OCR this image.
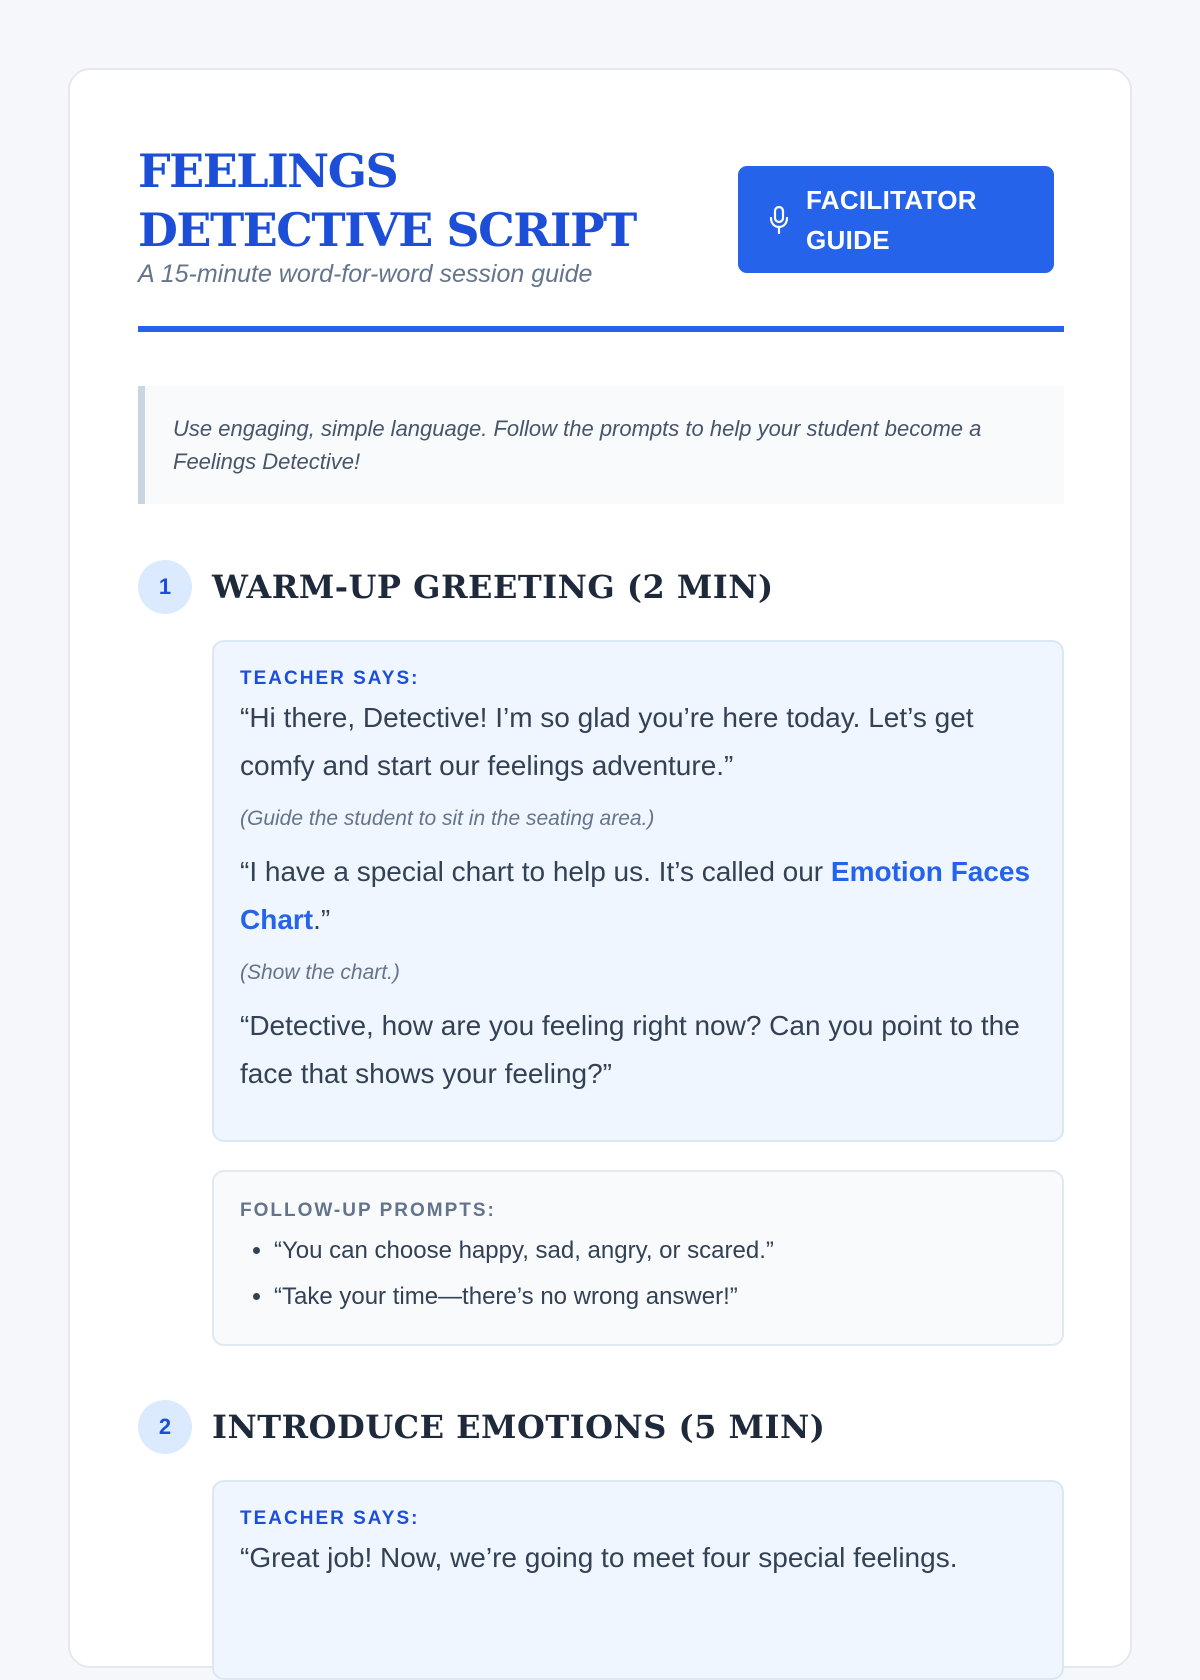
FEELINGS DETECTIVE SCRIPT

A 15-minute word-for-word session guide

FACILITATOR GUIDE
Use engaging, simple language. Follow the prompts to help your student become a Feelings Detective!
1	WARM-UP GREETING (2 MIN)
TEACHER SAYS:

“Hi there, Detective! I’m so glad you’re here today. Let’s get comfy and start our feelings adventure.”

(Guide the student to sit in the seating area.)

“I have a special chart to help us. It’s called our Emotion Faces Chart.”

(Show the chart.)

“Detective, how are you feeling right now? Can you point to the face that shows your feeling?”

FOLLOW-UP PROMPTS:
• “You can choose happy, sad, angry, or scared.”
• “Take your time—there’s no wrong answer!”
2	INTRODUCE EMOTIONS (5 MIN)
TEACHER SAYS:

“Great job! Now, we’re going to meet four special feelings.
